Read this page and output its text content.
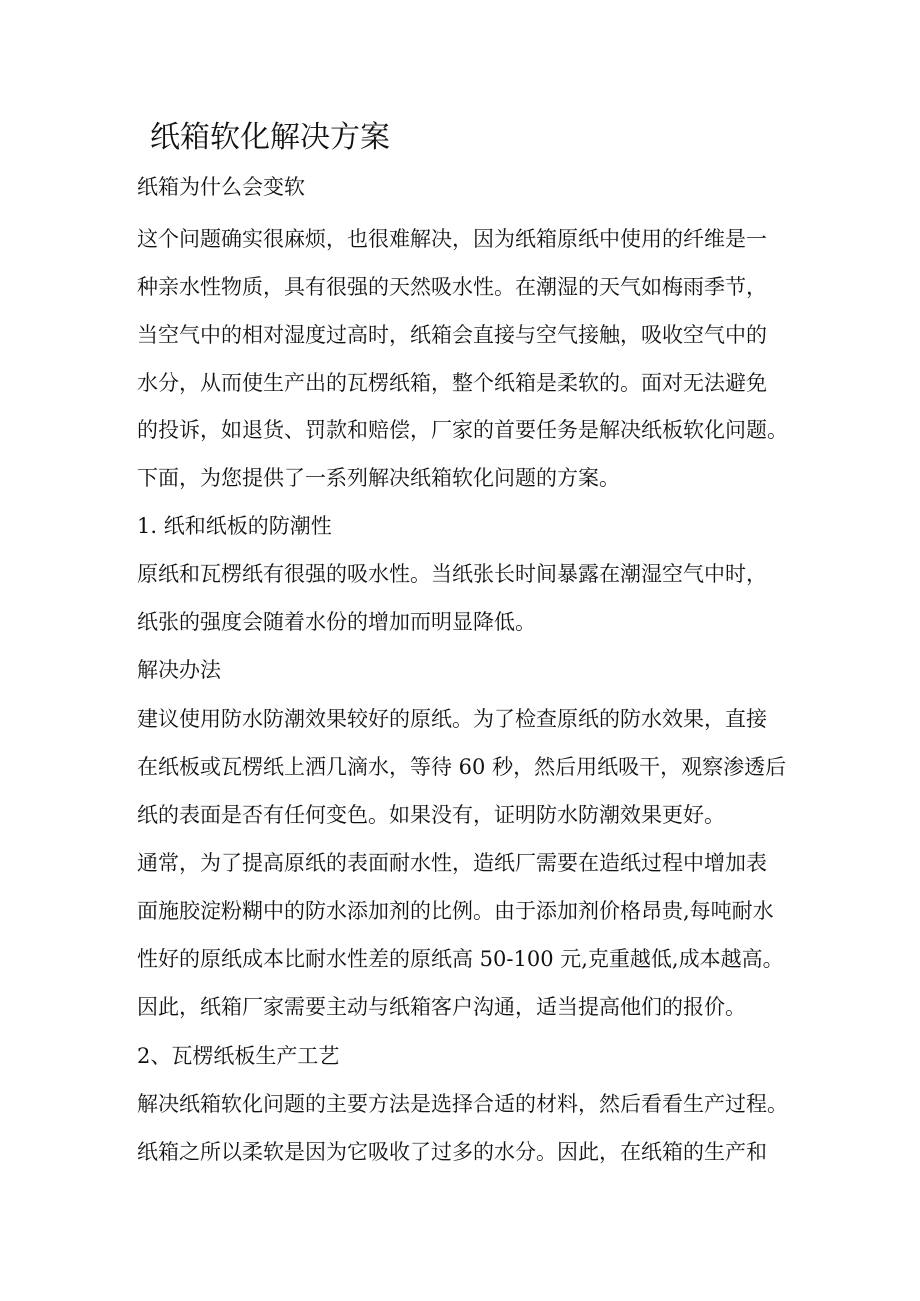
纸箱软化解决方案

纸箱为什么会变软

这个问题确实很麻烦，也很难解决，因为纸箱原纸中使用的纤维是一

种亲水性物质，具有很强的天然吸水性。在潮湿的天气如梅雨季节，

当空气中的相对湿度过高时，纸箱会直接与空气接触，吸收空气中的

水分，从而使生产出的瓦楞纸箱，整个纸箱是柔软的。面对无法避免

的投诉，如退货、罚款和赔偿，厂家的首要任务是解决纸板软化问题。

下面，为您提供了一系列解决纸箱软化问题的方案。

1. 纸和纸板的防潮性

原纸和瓦楞纸有很强的吸水性。当纸张长时间暴露在潮湿空气中时，

纸张的强度会随着水份的增加而明显降低。

解决办法

建议使用防水防潮效果较好的原纸。为了检查原纸的防水效果，直接

在纸板或瓦楞纸上洒几滴水，等待 60 秒，然后用纸吸干，观察渗透后

纸的表面是否有任何变色。如果没有，证明防水防潮效果更好。

通常，为了提高原纸的表面耐水性，造纸厂需要在造纸过程中增加表

面施胶淀粉糊中的防水添加剂的比例。由于添加剂价格昂贵,每吨耐水

性好的原纸成本比耐水性差的原纸高 50-100 元,克重越低,成本越高。

因此，纸箱厂家需要主动与纸箱客户沟通，适当提高他们的报价。

2、瓦楞纸板生产工艺

解决纸箱软化问题的主要方法是选择合适的材料，然后看看生产过程。

纸箱之所以柔软是因为它吸收了过多的水分。因此，在纸箱的生产和
